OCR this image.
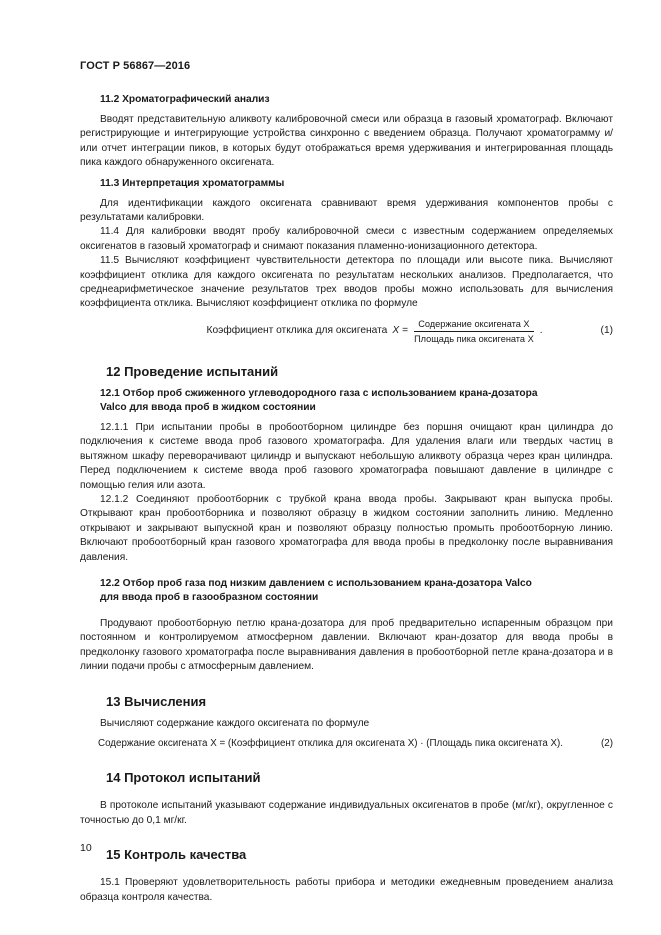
ГОСТ Р 56867—2016

11.2 Хроматографический анализ

Вводят представительную аликвоту калибровочной смеси или образца в газовый хроматограф. Включают регистрирующие и интегрирующие устройства синхронно с введением образца. Получают хроматограмму и/или отчет интеграции пиков, в которых будут отображаться время удерживания и интегрированная площадь пика каждого обнаруженного оксигената.

11.3 Интерпретация хроматограммы

Для идентификации каждого оксигената сравнивают время удерживания компонентов пробы с результатами калибровки.

11.4 Для калибровки вводят пробу калибровочной смеси с известным содержанием определяемых оксигенатов в газовый хроматограф и снимают показания пламенно-ионизационного детектора.

11.5 Вычисляют коэффициент чувствительности детектора по площади или высоте пика. Вычисляют коэффициент отклика для каждого оксигената по результатам нескольких анализов. Предполагается, что среднеарифметическое значение результатов трех вводов пробы можно использовать для вычисления коэффициента отклика. Вычисляют коэффициент отклика по формуле

Коэффициент отклика для оксигената $X = \frac{\text{Содержание оксигената X}}{\text{Площадь пика оксигената X}}$ .	(1)

12 Проведение испытаний

12.1 Отбор проб сжиженного углеводородного газа с использованием крана-дозатора

Valco для ввода проб в жидком состоянии

12.1.1 При испытании пробы в пробоотборном цилиндре без поршня очищают кран цилиндра до подключения к системе ввода проб газового хроматографа. Для удаления влаги или твердых частиц в вытяжном шкафу переворачивают цилиндр и выпускают небольшую аликвоту образца через кран цилиндра. Перед подключением к системе ввода проб газового хроматографа повышают давление в цилиндре с помощью гелия или азота.

12.1.2 Соединяют пробоотборник с трубкой крана ввода пробы. Закрывают кран выпуска пробы. Открывают кран пробоотборника и позволяют образцу в жидком состоянии заполнить линию. Медленно открывают и закрывают выпускной кран и позволяют образцу полностью промыть пробоотборную линию. Включают пробоотборный кран газового хроматографа для ввода пробы в предколонку после выравнивания давления.

12.2 Отбор проб газа под низким давлением с использованием крана-дозатора Valco

для ввода проб в газообразном состоянии

Продувают пробоотборную петлю крана-дозатора для проб предварительно испаренным образцом при постоянном и контролируемом атмосферном давлении. Включают кран-дозатор для ввода пробы в предколонку газового хроматографа после выравнивания давления в пробоотборной петле крана-дозатора и в линии подачи пробы с атмосферным давлением.

13 Вычисления

Вычисляют содержание каждого оксигената по формуле

Содержание оксигената X = (Коэффициент отклика для оксигената X) · (Площадь пика оксигената X).	(2)

14 Протокол испытаний

В протоколе испытаний указывают содержание индивидуальных оксигенатов в пробе (мг/кг), округленное с точностью до 0,1 мг/кг.

15 Контроль качества

15.1 Проверяют удовлетворительность работы прибора и методики ежедневным проведением анализа образца контроля качества.

10
